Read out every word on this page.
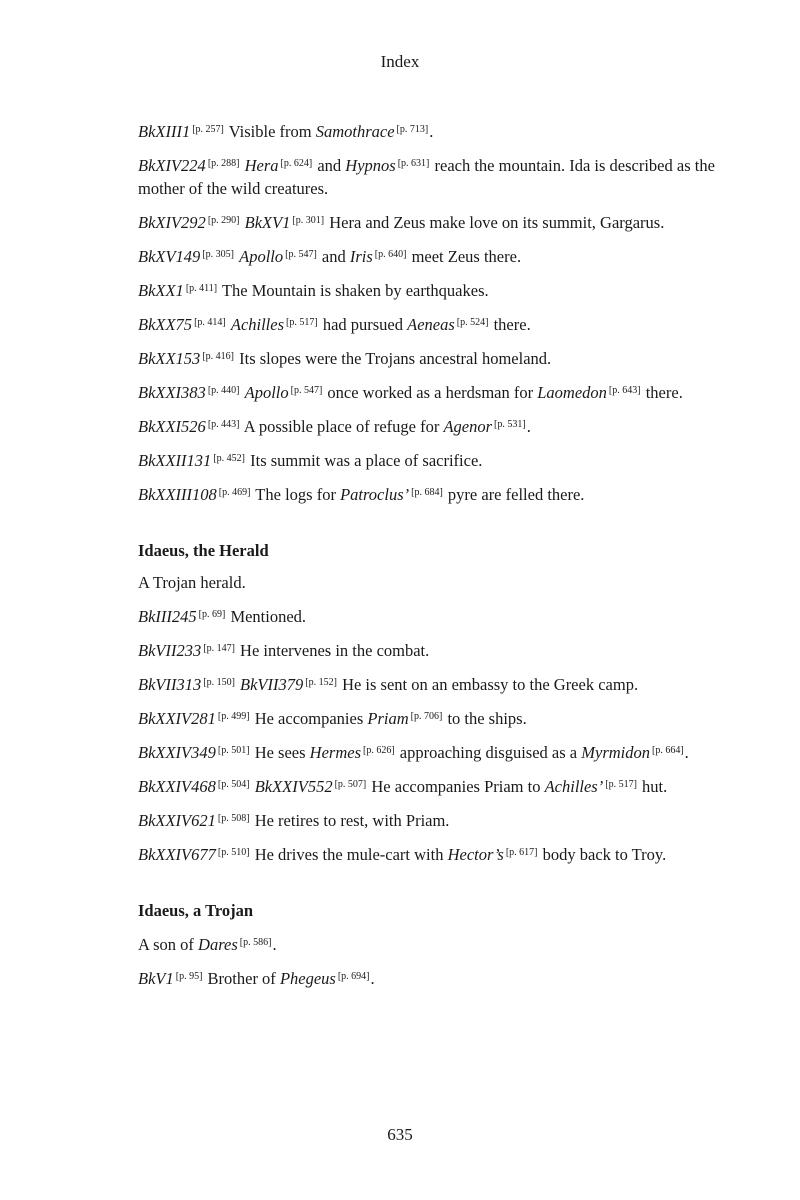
Index
BkXIII1 [p. 257] Visible from Samothrace [p. 713].
BkXIV224 [p. 288] Hera [p. 624] and Hypnos [p. 631] reach the mountain. Ida is described as the mother of the wild creatures.
BkXIV292 [p. 290] BkXV1 [p. 301] Hera and Zeus make love on its summit, Gargarus.
BkXV149 [p. 305] Apollo [p. 547] and Iris [p. 640] meet Zeus there.
BkXX1 [p. 411] The Mountain is shaken by earthquakes.
BkXX75 [p. 414] Achilles [p. 517] had pursued Aeneas [p. 524] there.
BkXX153 [p. 416] Its slopes were the Trojans ancestral homeland.
BkXXI383 [p. 440] Apollo [p. 547] once worked as a herdsman for Laomedon [p. 643] there.
BkXXI526 [p. 443] A possible place of refuge for Agenor [p. 531].
BkXXII131 [p. 452] Its summit was a place of sacrifice.
BkXXIII108 [p. 469] The logs for Patroclus’ [p. 684] pyre are felled there.
Idaeus, the Herald
A Trojan herald.
BkIII245 [p. 69] Mentioned.
BkVII233 [p. 147] He intervenes in the combat.
BkVII313 [p. 150] BkVII379 [p. 152] He is sent on an embassy to the Greek camp.
BkXXIV281 [p. 499] He accompanies Priam [p. 706] to the ships.
BkXXIV349 [p. 501] He sees Hermes [p. 626] approaching disguised as a Myrmidon [p. 664].
BkXXIV468 [p. 504] BkXXIV552 [p. 507] He accompanies Priam to Achilles’ [p. 517] hut.
BkXXIV621 [p. 508] He retires to rest, with Priam.
BkXXIV677 [p. 510] He drives the mule-cart with Hector’s [p. 617] body back to Troy.
Idaeus, a Trojan
A son of Dares [p. 586].
BkV1 [p. 95] Brother of Phegeus [p. 694].
635
